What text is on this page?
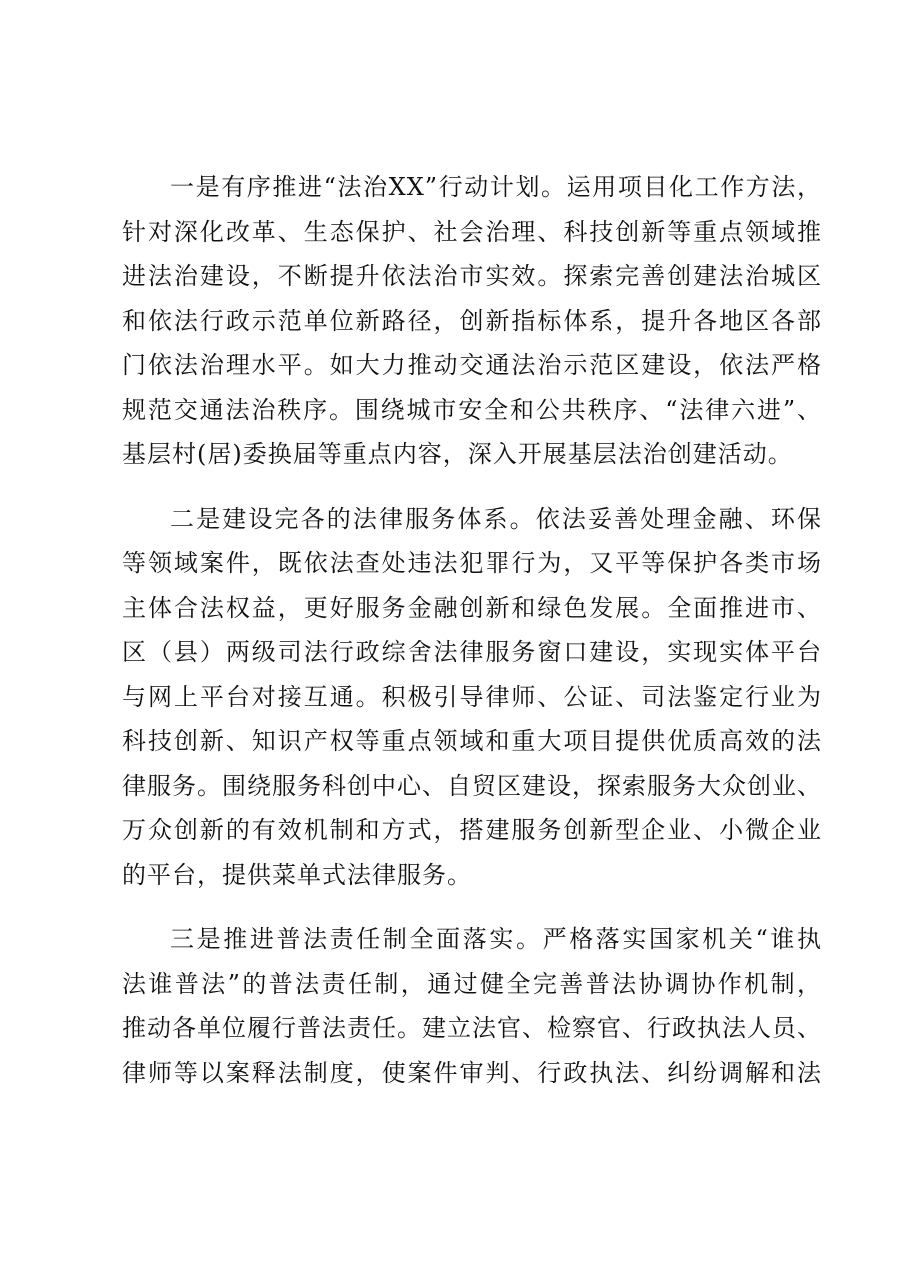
一是有序推进“法治XX”行动计划。运用项目化工作方法，
针对深化改革、生态保护、社会治理、科技创新等重点领域推
进法治建设，不断提升依法治市实效。探索完善创建法治城区
和依法行政示范单位新路径，创新指标体系，提升各地区各部
门依法治理水平。如大力推动交通法治示范区建设，依法严格
规范交通法治秩序。围绕城市安全和公共秩序、“法律六进”、
基层村(居)委换届等重点内容，深入开展基层法治创建活动。
二是建设完各的法律服务体系。依法妥善处理金融、环保
等领域案件，既依法查处违法犯罪行为，又平等保护各类市场
主体合法权益，更好服务金融创新和绿色发展。全面推进市、
区（县）两级司法行政综舍法律服务窗口建设，实现实体平台
与网上平台对接互通。积极引导律师、公证、司法鉴定行业为
科技创新、知识产权等重点领域和重大项目提供优质高效的法
律服务。围绕服务科创中心、自贸区建设，探索服务大众创业、
万众创新的有效机制和方式，搭建服务创新型企业、小微企业
的平台，提供菜单式法律服务。
三是推进普法责任制全面落实。严格落实国家机关“谁执
法谁普法”的普法责任制，通过健全完善普法协调协作机制，
推动各单位履行普法责任。建立法官、检察官、行政执法人员、
律师等以案释法制度，使案件审判、行政执法、纠纷调解和法
